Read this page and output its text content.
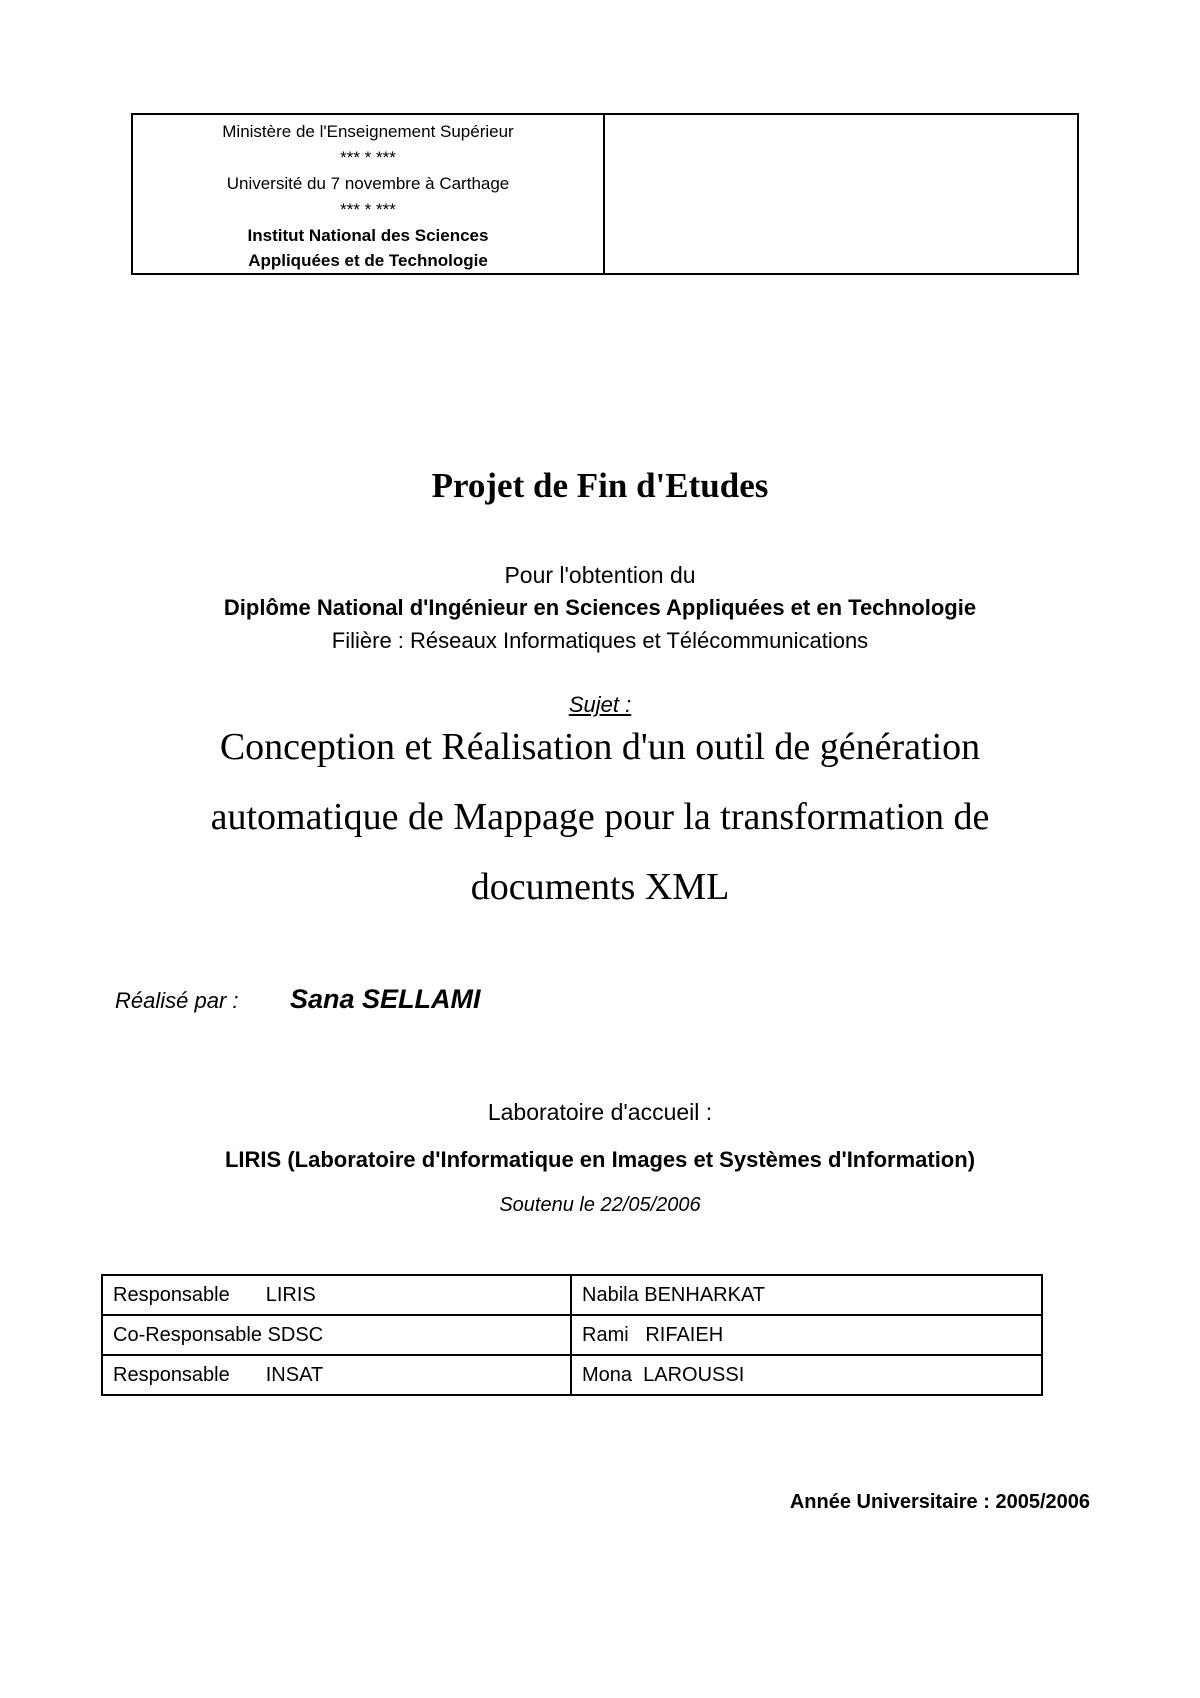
Ministère de l'Enseignement Supérieur
*** * ***
Université du 7 novembre à Carthage
*** * ***
Institut National des Sciences
Appliquées et de Technologie

Projet de Fin d'Etudes
Pour l'obtention du
Diplôme National d'Ingénieur en Sciences Appliquées et en Technologie
Filière : Réseaux Informatiques et Télécommunications
Sujet :
Conception et Réalisation d'un outil de génération automatique de Mappage pour la transformation de documents XML
Réalisé par : Sana SELLAMI
Laboratoire d'accueil :
LIRIS (Laboratoire d'Informatique en Images et Systèmes d'Information)
Soutenu le 22/05/2006
Responsable LIRIS	Nabila BENHARKAT
Co-Responsable SDSC	Rami   RIFAIEH
Responsable INSAT	Mona  LAROUSSI
Année Universitaire : 2005/2006
